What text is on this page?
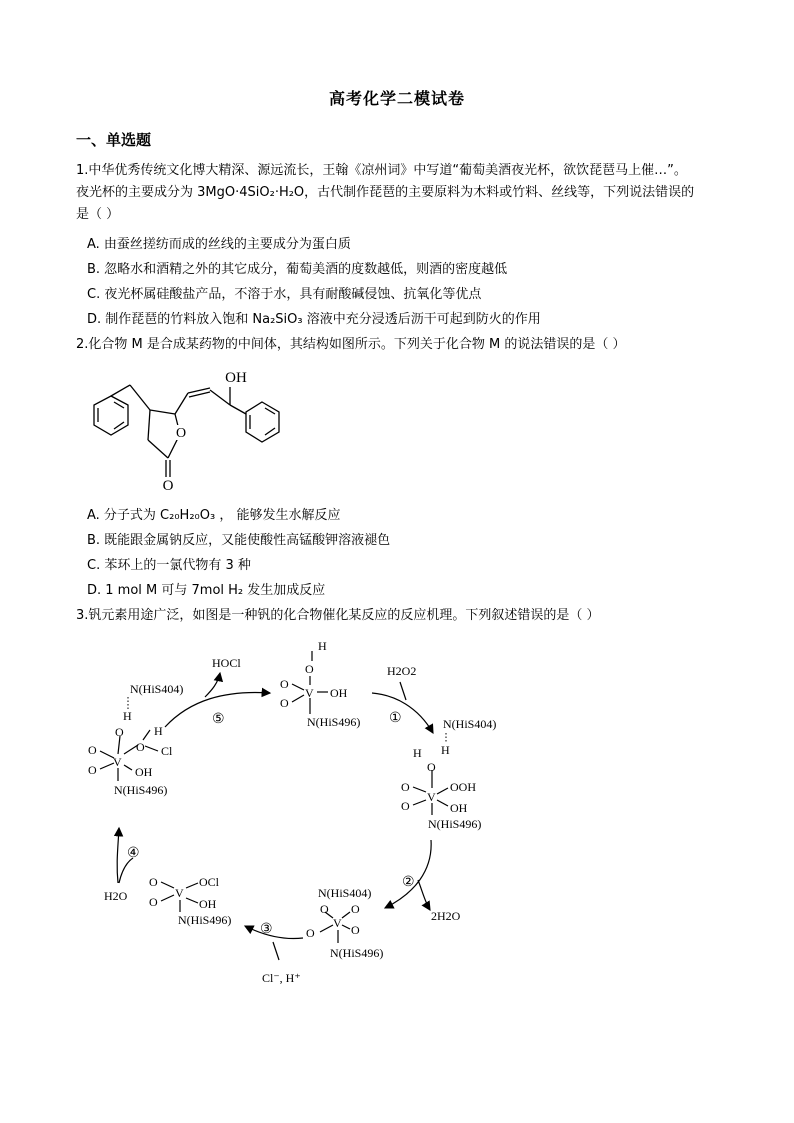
高考化学二模试卷
一、单选题
1.中华优秀传统文化博大精深、源远流长，王翰《凉州词》中写道“葡萄美酒夜光杯，欲饮琵琶马上催…”。
夜光杯的主要成分为 3MgO·4SiO₂·H₂O，古代制作琵琶的主要原料为木料或竹料、丝线等，下列说法错误的
是（ ）
A. 由蚕丝搓纺而成的丝线的主要成分为蛋白质
B. 忽略水和酒精之外的其它成分，葡萄美酒的度数越低，则酒的密度越低
C. 夜光杯属硅酸盐产品，不溶于水，具有耐酸碱侵蚀、抗氧化等优点
D. 制作琵琶的竹料放入饱和 Na₂SiO₃ 溶液中充分浸透后沥干可起到防火的作用
2.化合物 M 是合成某药物的中间体，其结构如图所示。下列关于化合物 M 的说法错误的是（ ）
O
O
OH
A. 分子式为 C₂₀H₂₀O₃ ， 能够发生水解反应
B. 既能跟金属钠反应，又能使酸性高锰酸钾溶液褪色
C. 苯环上的一氯代物有 3 种
D. 1 mol M 可与 7mol H₂ 发生加成反应
3.钒元素用途广泛，如图是一种钒的化合物催化某反应的反应机理。下列叙述错误的是（ ）
⑤	①
②
③
④
HOCl
H2O2
2H2O
H2O
Cl⁻, H⁺
H
O
O
O
V OH
N(HiS496)
N(HiS404)
H
O	H
O Cl
O
O
V
OH
N(HiS496)
N(HiS404)
H
H
O
O
O
V
OOH
OH
N(HiS496)
N(HiS404)
O O
O
O
V
N(HiS496)
O
O
V
OCl
OH
N(HiS496)
